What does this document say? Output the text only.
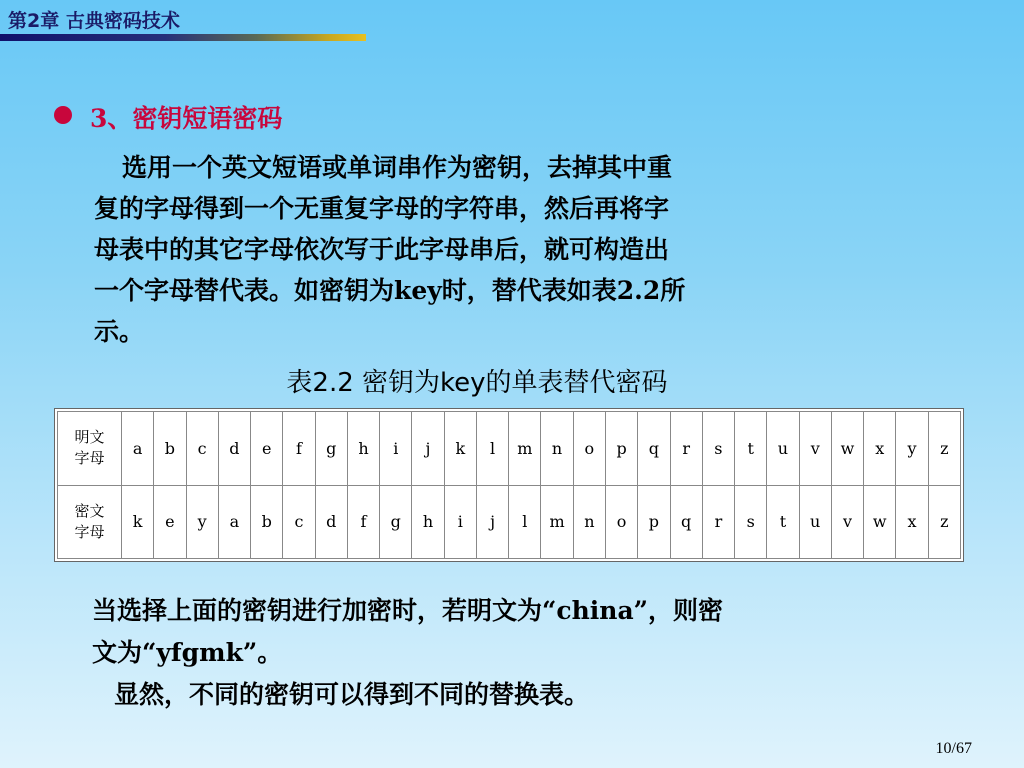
第2章 古典密码技术
3、密钥短语密码
选用一个英文短语或单词串作为密钥，去掉其中重
复的字母得到一个无重复字母的字符串，然后再将字
母表中的其它字母依次写于此字母串后，就可构造出
一个字母替代表。如密钥为key时，替代表如表2.2所
示。
表2.2 密钥为key的单表替代密码
明文
字母	a	b	c	d	e	f	g	h	i	j	k	l	m	n	o	p	q	r	s	t	u	v	w	x	y	z

密文
字母	k	e	y	a	b	c	d	f	g	h	i	j	l	m	n	o	p	q	r	s	t	u	v	w	x	z
当选择上面的密钥进行加密时，若明文为“china”，则密
文为“yfgmk”。
显然，不同的密钥可以得到不同的替换表。
10/67
